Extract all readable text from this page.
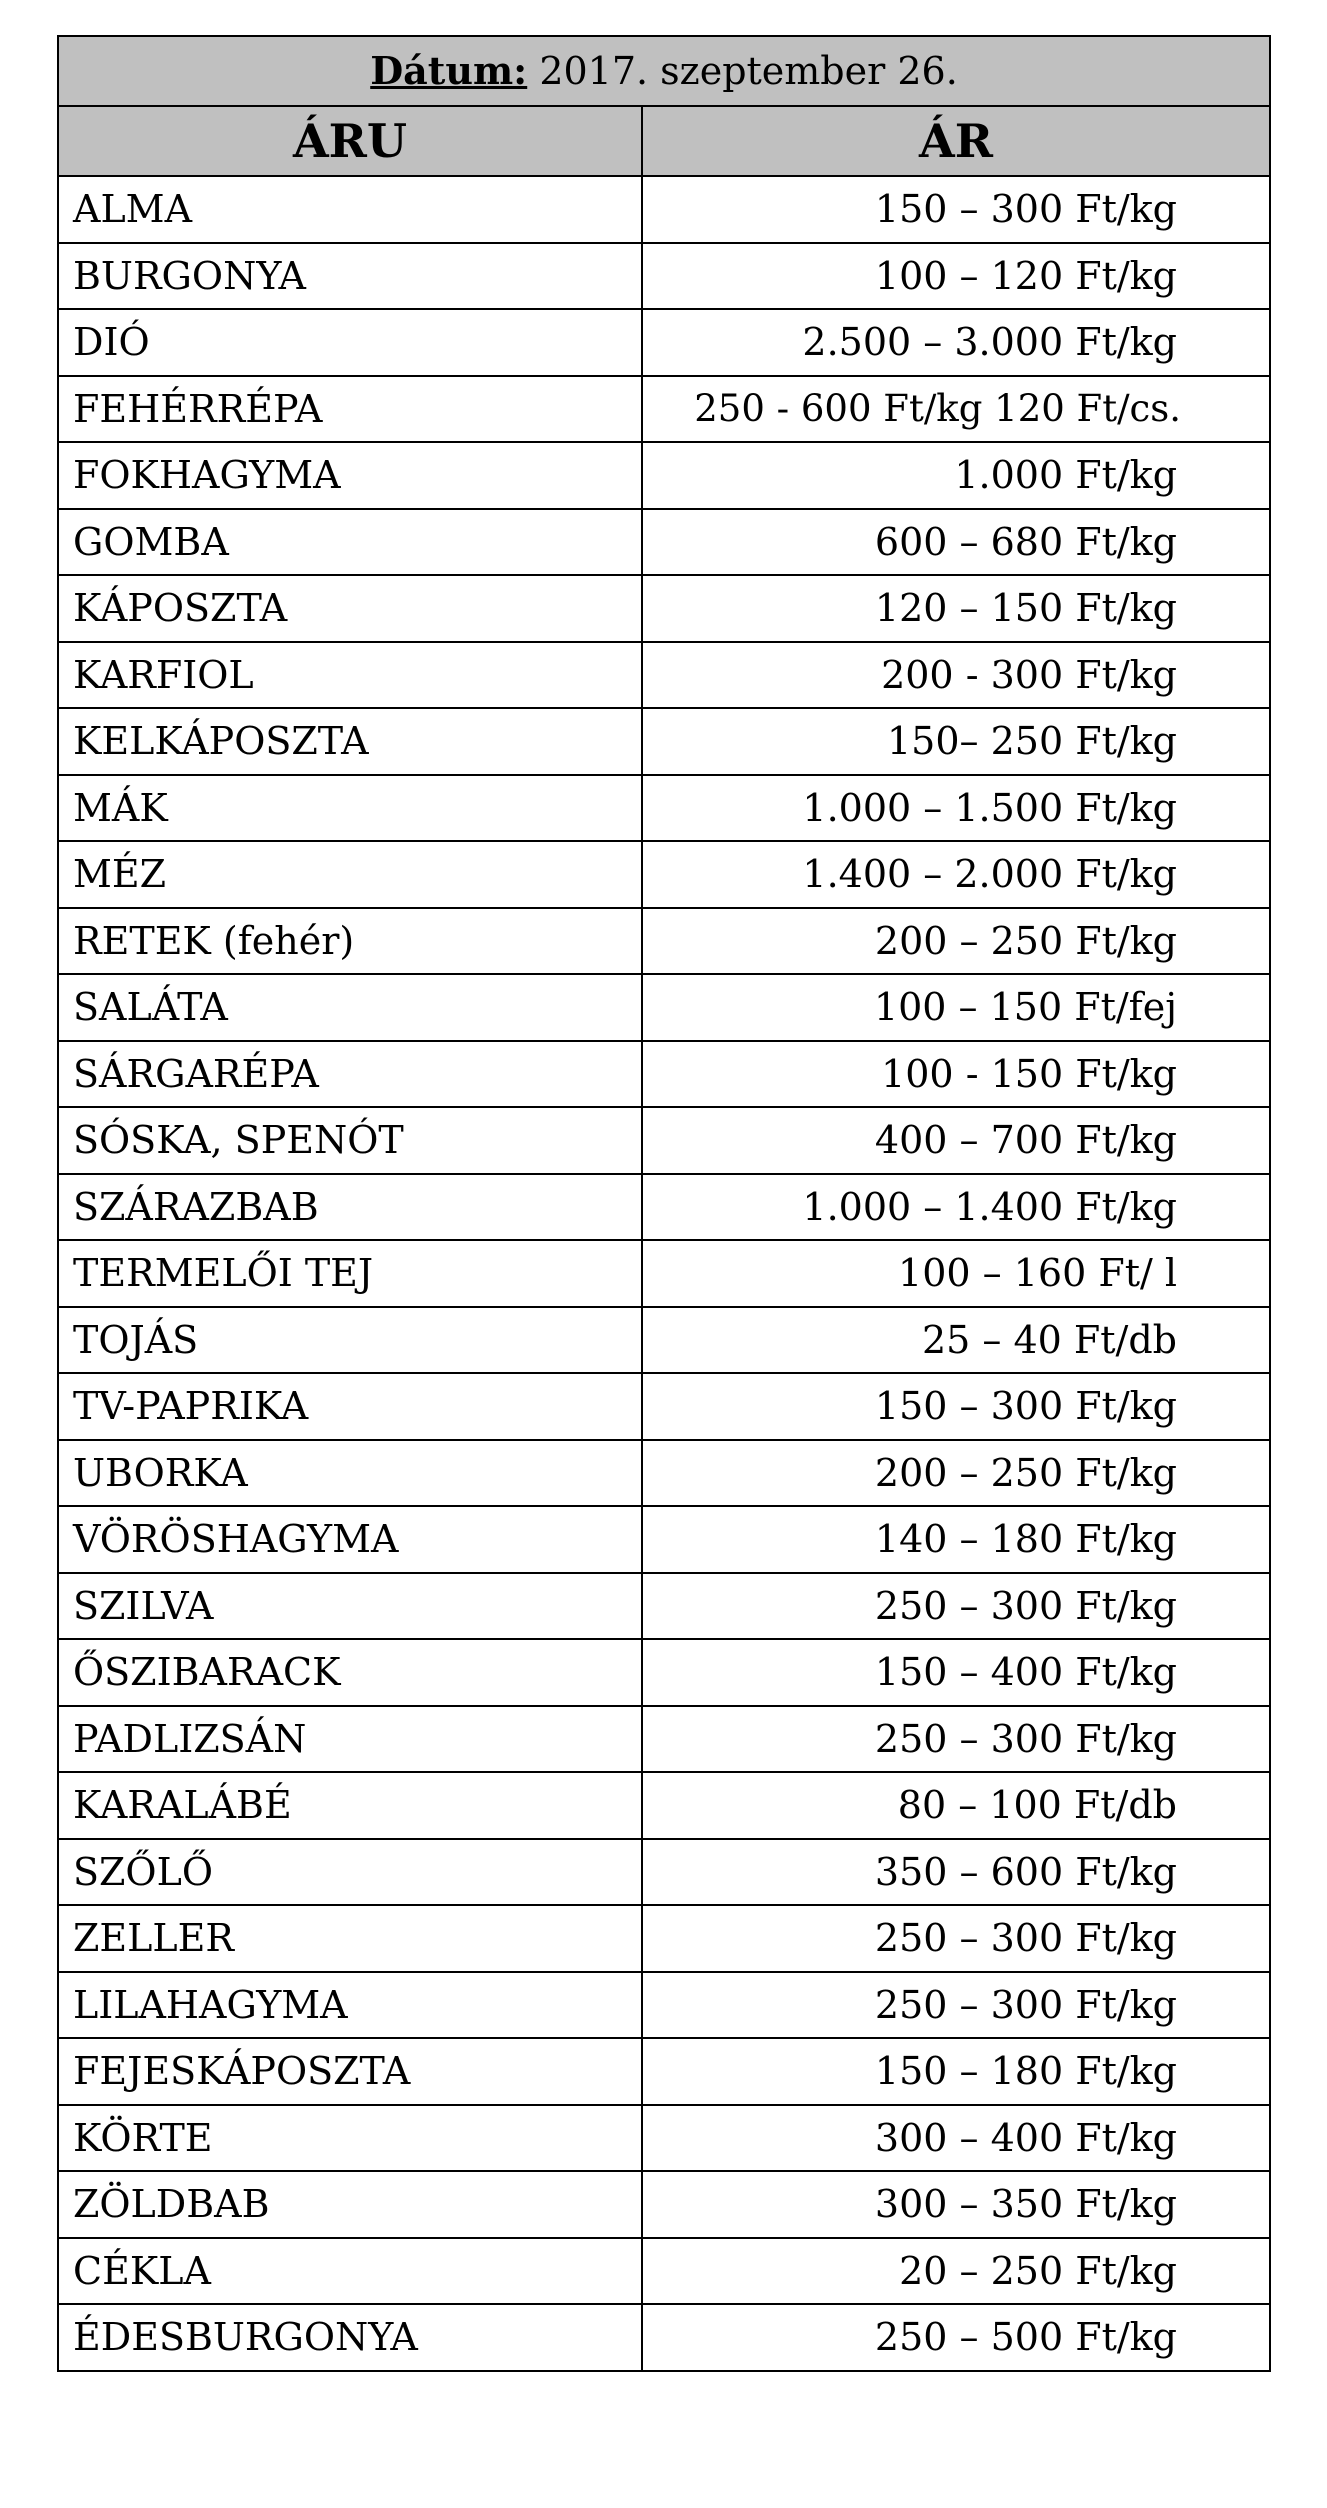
Dátum: 2017. szeptember 26.	
ÁRU	ÁR
ALMA	150 – 300 Ft/kg
BURGONYA	100 – 120 Ft/kg
DIÓ	2.500 – 3.000 Ft/kg
FEHÉRRÉPA	250 - 600 Ft/kg 120 Ft/cs.
FOKHAGYMA	1.000 Ft/kg
GOMBA	600 – 680 Ft/kg
KÁPOSZTA	120 – 150 Ft/kg
KARFIOL	200 - 300 Ft/kg
KELKÁPOSZTA	150– 250 Ft/kg
MÁK	1.000 – 1.500 Ft/kg
MÉZ	1.400 – 2.000 Ft/kg
RETEK (fehér)	200 – 250 Ft/kg
SALÁTA	100 – 150 Ft/fej
SÁRGARÉPA	100 - 150 Ft/kg
SÓSKA, SPENÓT	400 – 700 Ft/kg
SZÁRAZBAB	1.000 – 1.400 Ft/kg
TERMELŐI TEJ	100 – 160 Ft/ l
TOJÁS	25 – 40 Ft/db
TV-PAPRIKA	150 – 300 Ft/kg
UBORKA	200 – 250 Ft/kg
VÖRÖSHAGYMA	140 – 180 Ft/kg
SZILVA	250 – 300 Ft/kg
ŐSZIBARACK	150 – 400 Ft/kg
PADLIZSÁN	250 – 300 Ft/kg
KARALÁBÉ	80 – 100 Ft/db
SZŐLŐ	350 – 600 Ft/kg
ZELLER	250 – 300 Ft/kg
LILAHAGYMA	250 – 300 Ft/kg
FEJESKÁPOSZTA	150 – 180 Ft/kg
KÖRTE	300 – 400 Ft/kg
ZÖLDBAB	300 – 350 Ft/kg
CÉKLA	20 – 250 Ft/kg
ÉDESBURGONYA	250 – 500 Ft/kg
